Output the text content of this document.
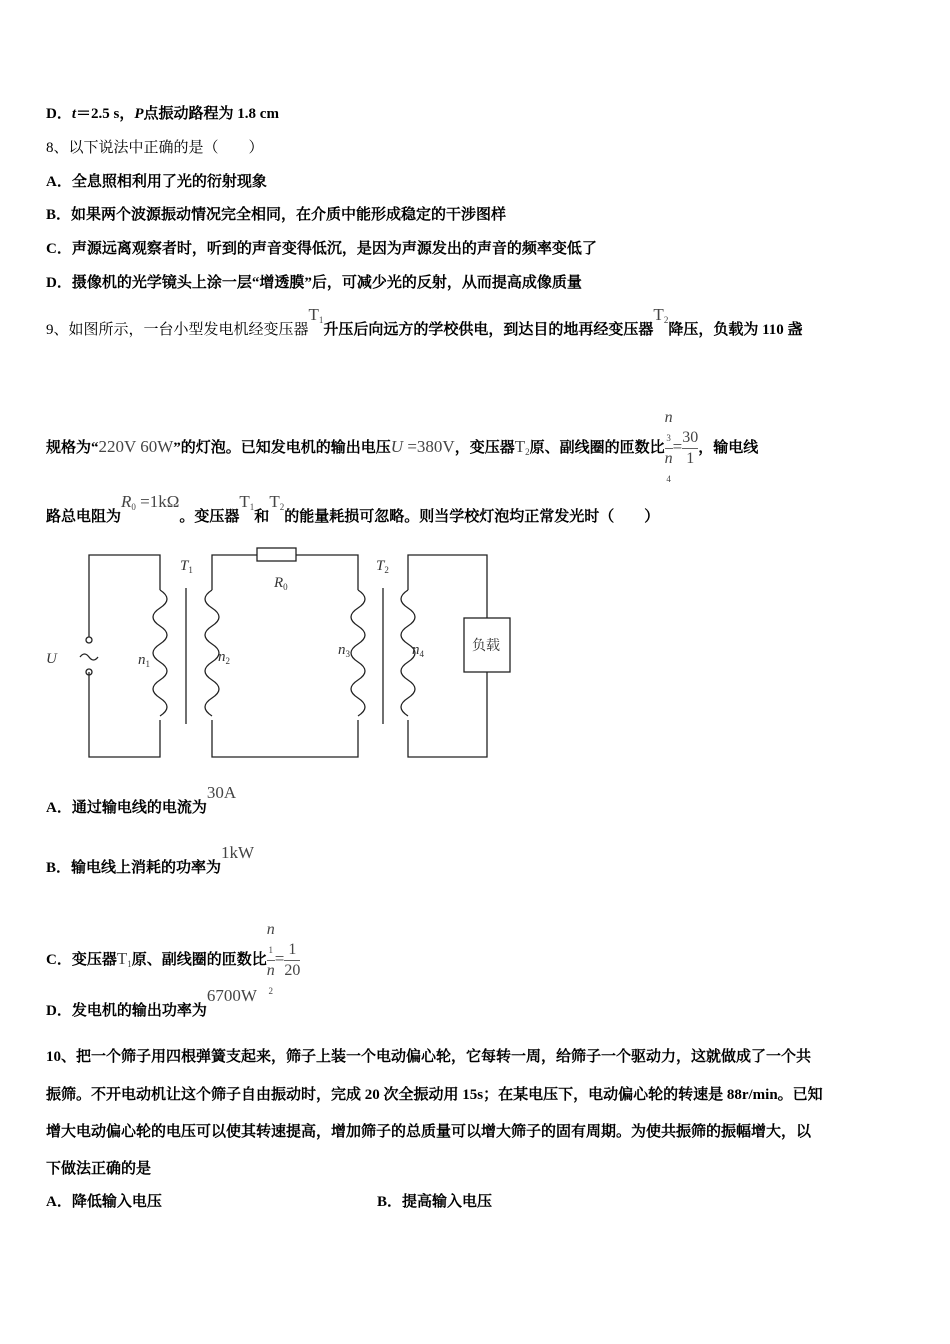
D．t＝2.5 s，P点振动路程为 1.8 cm
8、以下说法中正确的是（　　）
A．全息照相利用了光的衍射现象
B．如果两个波源振动情况完全相同，在介质中能形成稳定的干涉图样
C．声源远离观察者时，听到的声音变得低沉，是因为声源发出的声音的频率变低了
D．摄像机的光学镜头上涂一层“增透膜”后，可减少光的反射，从而提高成像质量
9、如图所示，一台小型发电机经变压器$T_1$升压后向远方的学校供电，到达目的地再经变压器$T_2$降压，负载为 110 盏
规格为“220V 60W”的灯泡。已知发电机的输出电压U =380V，变压器$T_2$原、副线圈的匝数比 n
3
n
$4 = \frac{30}{1}$ ，输电线
路总电阻为$R_0 =1k\Omega$。变压器$T_1$和$T_2$的能量耗损可忽略。则当学校灯泡均正常发光时（　　）
U
$T_1$	$T_2$
$R_0$
$n_1$	$n_2$
$n_3$	$n_4$	负载
A．通过输电线的电流为30A
B．输电线上消耗的功率为1kW
C．变压器$T_1$原、副线圈的匝数比 n
1
n
$2 = \frac{1}{20}$
D．发电机的输出功率为6700W
10、把一个筛子用四根弹簧支起来，筛子上装一个电动偏心轮，它每转一周，给筛子一个驱动力，这就做成了一个共
振筛。不开电动机让这个筛子自由振动时，完成 20 次全振动用 15s；在某电压下，电动偏心轮的转速是 88r/min。已知
增大电动偏心轮的电压可以使其转速提高，增加筛子的总质量可以增大筛子的固有周期。为使共振筛的振幅增大，以
下做法正确的是
A．降低输入电压	B．提高输入电压
